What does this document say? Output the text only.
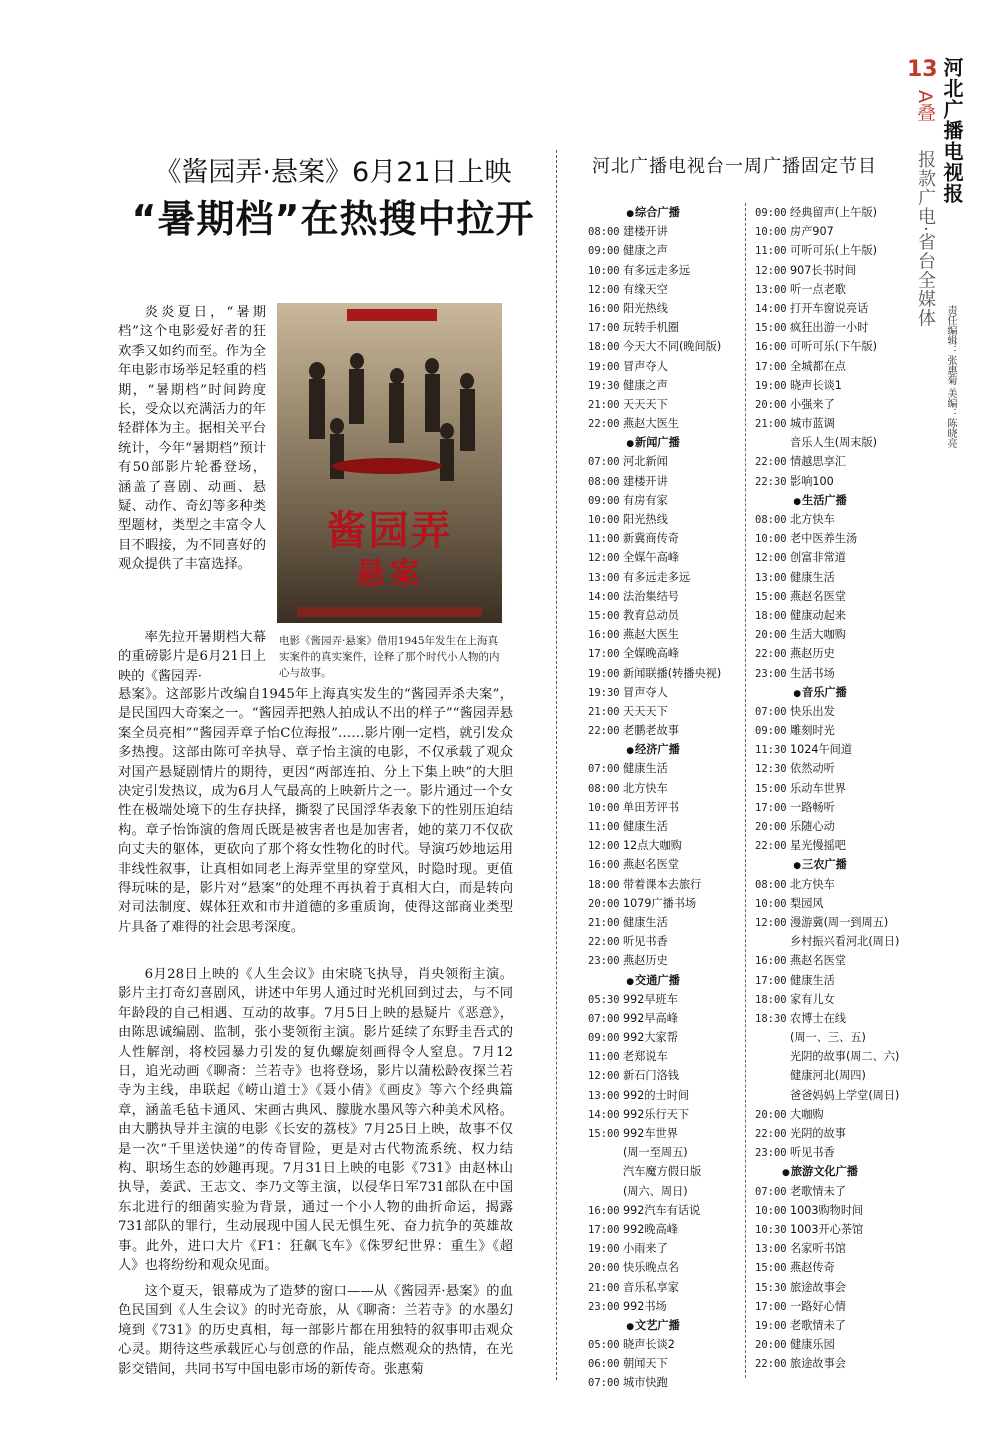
《酱园弄·悬案》6月21日上映
“暑期档”在热搜中拉开

炎炎夏日，“暑期档”这个电影爱好者的狂欢季又如约而至。作为全年电影市场举足轻重的档期，“暑期档”时间跨度长，受众以充满活力的年轻群体为主。据相关平台统计，今年“暑期档”预计有50部影片轮番登场，涵盖了喜剧、动画、悬疑、动作、奇幻等多种类型题材，类型之丰富令人目不暇接，为不同喜好的观众提供了丰富选择。

酱园弄
悬案
电影《酱园弄·悬案》借用1945年发生在上海真实案件的真实案件，诠释了那个时代小人物的内心与故事。

率先拉开暑期档大幕的重磅影片是6月21日上映的《酱园弄·

悬案》。这部影片改编自1945年上海真实发生的“酱园弄杀夫案”，是民国四大奇案之一。“酱园弄把熟人拍成认不出的样子”“酱园弄悬案全员亮相”“酱园弄章子怡C位海报”……影片刚一定档，就引发众多热搜。这部由陈可辛执导、章子怡主演的电影，不仅承载了观众对国产悬疑剧情片的期待，更因“两部连拍、分上下集上映”的大胆决定引发热议，成为6月人气最高的上映新片之一。影片通过一个女性在极端处境下的生存抉择，撕裂了民国浮华表象下的性别压迫结构。章子怡饰演的詹周氏既是被害者也是加害者，她的菜刀不仅砍向丈夫的躯体，更砍向了那个将女性物化的时代。导演巧妙地运用非线性叙事，让真相如同老上海弄堂里的穿堂风，时隐时现。更值得玩味的是，影片对“悬案”的处理不再执着于真相大白，而是转向对司法制度、媒体狂欢和市井道德的多重质询，使得这部商业类型片具备了难得的社会思考深度。

6月28日上映的《人生会议》由宋晓飞执导，肖央领衔主演。影片主打奇幻喜剧风，讲述中年男人通过时光机回到过去，与不同年龄段的自己相遇、互动的故事。7月5日上映的悬疑片《恶意》，由陈思诚编剧、监制，张小斐领衔主演。影片延续了东野圭吾式的人性解剖，将校园暴力引发的复仇螺旋刻画得令人窒息。7月12日，追光动画《聊斋：兰若寺》也将登场，影片以蒲松龄夜探兰若寺为主线，串联起《崂山道士》《聂小倩》《画皮》等六个经典篇章，涵盖毛毡卡通风、宋画古典风、朦胧水墨风等六种美术风格。由大鹏执导并主演的电影《长安的荔枝》7月25日上映，故事不仅是一次“千里送快递”的传奇冒险，更是对古代物流系统、权力结构、职场生态的妙趣再现。7月31日上映的电影《731》由赵林山执导，姜武、王志文、李乃文等主演，以侵华日军731部队在中国东北进行的细菌实验为背景，通过一个小人物的曲折命运，揭露731部队的罪行，生动展现中国人民无惧生死、奋力抗争的英雄故事。此外，进口大片《F1：狂飙飞车》《侏罗纪世界：重生》《超人》也将纷纷和观众见面。

这个夏天，银幕成为了造梦的窗口——从《酱园弄·悬案》的血色民国到《人生会议》的时光奇旅，从《聊斋：兰若寺》的水墨幻境到《731》的历史真相，每一部影片都在用独特的叙事叩击观众心灵。期待这些承载匠心与创意的作品，能点燃观众的热情，在光影交错间，共同书写中国电影市场的新传奇。张惠菊

河北广播电视台一周广播固定节目
● 综合广播
08:00 建楼开讲
09:00 健康之声
10:00 有多远走多远
12:00 有缘天空
16:00 阳光热线
17:00 玩转手机圈
18:00 今天大不同(晚间版)
19:00 冒声夺人
19:30 健康之声
21:00 天天天下
22:00 燕赵大医生
● 新闻广播
07:00 河北新闻
08:00 建楼开讲
09:00 有房有家
10:00 阳光热线
11:00 新冀商传奇
12:00 全媒午高峰
13:00 有多远走多远
14:00 法治集结号
15:00 教育总动员
16:00 燕赵大医生
17:00 全媒晚高峰
19:00 新闻联播(转播央视)
19:30 冒声夺人
21:00 天天天下
22:00 老鹏老故事
● 经济广播
07:00 健康生活
08:00 北方快车
10:00 单田芳评书
11:00 健康生活
12:00 12点大咖购
16:00 燕赵名医堂
18:00 带着课本去旅行
20:00 1079广播书场
21:00 健康生活
22:00 听见书香
23:00 燕赵历史
● 交通广播
05:30 992早班车
07:00 992早高峰
09:00 992大家帮
11:00 老郑说车
12:00 新石门洛钱
13:00 992的士时间
14:00 992乐行天下
15:00 992车世界
(周一至周五)
汽车魔方假日版
(周六、周日)
16:00 992汽车有话说
17:00 992晚高峰
19:00 小雨来了
20:00 快乐晚点名
21:00 音乐私享家
23:00 992书场
● 文艺广播
05:00 晓声长谈2
06:00 朝闻天下
07:00 城市快跑
09:00 经典留声(上午版)
10:00 房产907
11:00 可听可乐(上午版)
12:00 907长书时间
13:00 听一点老歌
14:00 打开车窗说亮话
15:00 疯狂出游一小时
16:00 可听可乐(下午版)
17:00 全城都在点
19:00 晓声长谈1
20:00 小强来了
21:00 城市蓝调
音乐人生(周末版)
22:00 情越思享汇
22:30 影响100
● 生活广播
08:00 北方快车
10:00 老中医养生汤
12:00 创富非常道
13:00 健康生活
15:00 燕赵名医堂
18:00 健康动起来
20:00 生活大咖购
22:00 燕赵历史
23:00 生活书场
● 音乐广播
07:00 快乐出发
09:00 雕刻时光
11:30 1024午间道
12:30 依然动听
15:00 乐动车世界
17:00 一路畅听
20:00 乐随心动
22:00 星光慢摇吧
● 三农广播
08:00 北方快车
10:00 梨园风
12:00 漫游冀(周一到周五)
乡村振兴看河北(周日)
16:00 燕赵名医堂
17:00 健康生活
18:00 家有儿女
18:30 农博士在线
(周一、三、五)
光阴的故事(周二、六)
健康河北(周四)
爸爸妈妈上学堂(周日)
20:00 大咖购
22:00 光阴的故事
23:00 听见书香
● 旅游文化广播
07:00 老歌情未了
10:00 1003购物时间
10:30 1003开心茶馆
13:00 名家听书馆
15:00 燕赵传奇
15:30 旅途故事会
17:00 一路好心情
19:00 老歌情未了
20:00 健康乐园
22:00 旅途故事会
13
A叠 河北广播电视报
报款广电·省台全媒体
责任编辑：张惠菊 美编：陈晓亮
